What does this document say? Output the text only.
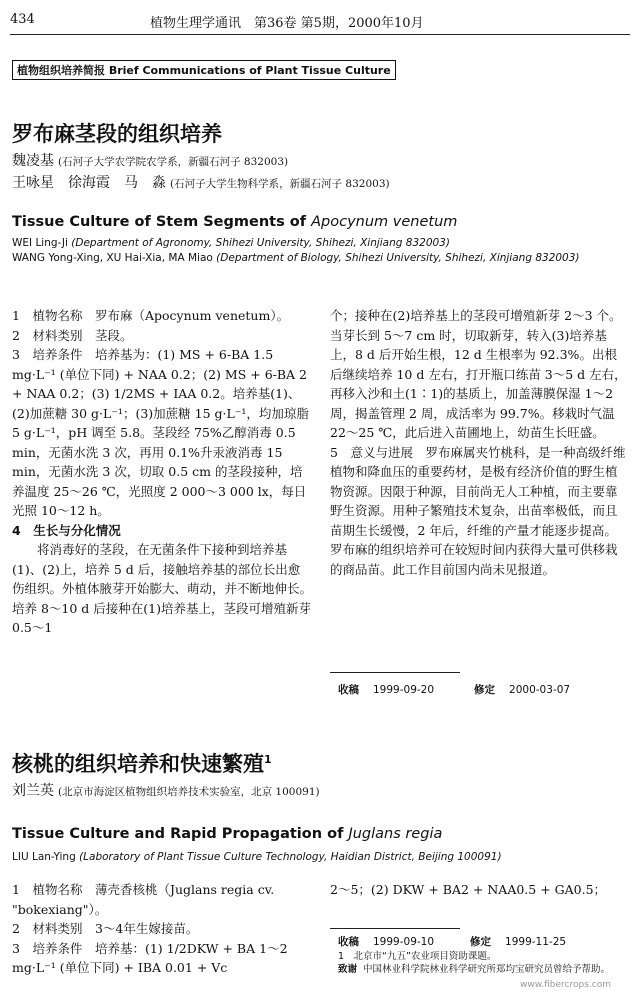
434	植物生理学通讯　第36卷 第5期，2000年10月
植物组织培养简报 Brief Communications of Plant Tissue Culture
罗布麻茎段的组织培养
魏凌基 (石河子大学农学院农学系，新疆石河子 832003)
王咏星　徐海霞　马　淼 (石河子大学生物科学系，新疆石河子 832003)
Tissue Culture of Stem Segments of Apocynum venetum
WEI Ling-Ji (Department of Agronomy, Shihezi University, Shihezi, Xinjiang 832003)
WANG Yong-Xing, XU Hai-Xia, MA Miao (Department of Biology, Shihezi University, Shihezi, Xinjiang 832003)

1　植物名称　罗布麻（Apocynum venetum）。

2　材料类别　茎段。

3　培养条件　培养基为：(1) MS + 6-BA 1.5 mg·L⁻¹ (单位下同) + NAA 0.2；(2) MS + 6-BA 2 + NAA 0.2；(3) 1/2MS + IAA 0.2。培养基(1)、(2)加蔗糖 30 g·L⁻¹；(3)加蔗糖 15 g·L⁻¹，均加琼脂 5 g·L⁻¹，pH 调至 5.8。茎段经 75%乙醇消毒 0.5 min，无菌水洗 3 次，再用 0.1%升汞液消毒 15 min，无菌水洗 3 次，切取 0.5 cm 的茎段接种，培养温度 25～26 ℃，光照度 2 000～3 000 lx，每日光照 10～12 h。

4　生长与分化情况

将消毒好的茎段，在无菌条件下接种到培养基(1)、(2)上，培养 5 d 后，接触培养基的部位长出愈伤组织。外植体腋芽开始膨大、萌动，并不断地伸长。培养 8～10 d 后接种在(1)培养基上，茎段可增殖新芽 0.5～1

个；接种在(2)培养基上的茎段可增殖新芽 2～3 个。当芽长到 5～7 cm 时，切取新芽，转入(3)培养基上，8 d 后开始生根，12 d 生根率为 92.3%。出根后继续培养 10 d 左右，打开瓶口练苗 3～5 d 左右，再移入沙和土(1∶1)的基质上，加盖薄膜保湿 1～2 周，揭盖管理 2 周，成活率为 99.7%。移栽时气温 22～25 ℃，此后进入苗圃地上，幼苗生长旺盛。

5　意义与进展　罗布麻属夹竹桃科，是一种高级纤维植物和降血压的重要药材，是极有经济价值的野生植物资源。因限于种源，目前尚无人工种植，而主要靠野生资源。用种子繁殖技术复杂，出苗率极低，而且苗期生长缓慢，2 年后，纤维的产量才能逐步提高。罗布麻的组织培养可在较短时间内获得大量可供移栽的商品苗。此工作目前国内尚未见报道。

收稿 1999-09-20	修定 2000-03-07
核桃的组织培养和快速繁殖$^1$
刘兰英 (北京市海淀区植物组织培养技术实验室，北京 100091)
Tissue Culture and Rapid Propagation of Juglans regia
LIU Lan-Ying (Laboratory of Plant Tissue Culture Technology, Haidian District, Beijing 100091)

1　植物名称　薄壳香核桃（Juglans regia cv. "bokexiang"）。

2　材料类别　3～4年生嫁接苗。

3　培养条件　培养基：(1) 1/2DKW + BA 1～2 mg·L⁻¹ (单位下同) + IBA 0.01 + Vc

2～5；(2) DKW + BA2 + NAA0.5 + GA0.5；

收稿 1999-09-10	修定 1999-11-25
1　北京市“九五”农业项目资助课题。
致谢 中国林业科学院林业科学研究所郑均宝研究员曾给予帮助。
www.fibercrops.com
